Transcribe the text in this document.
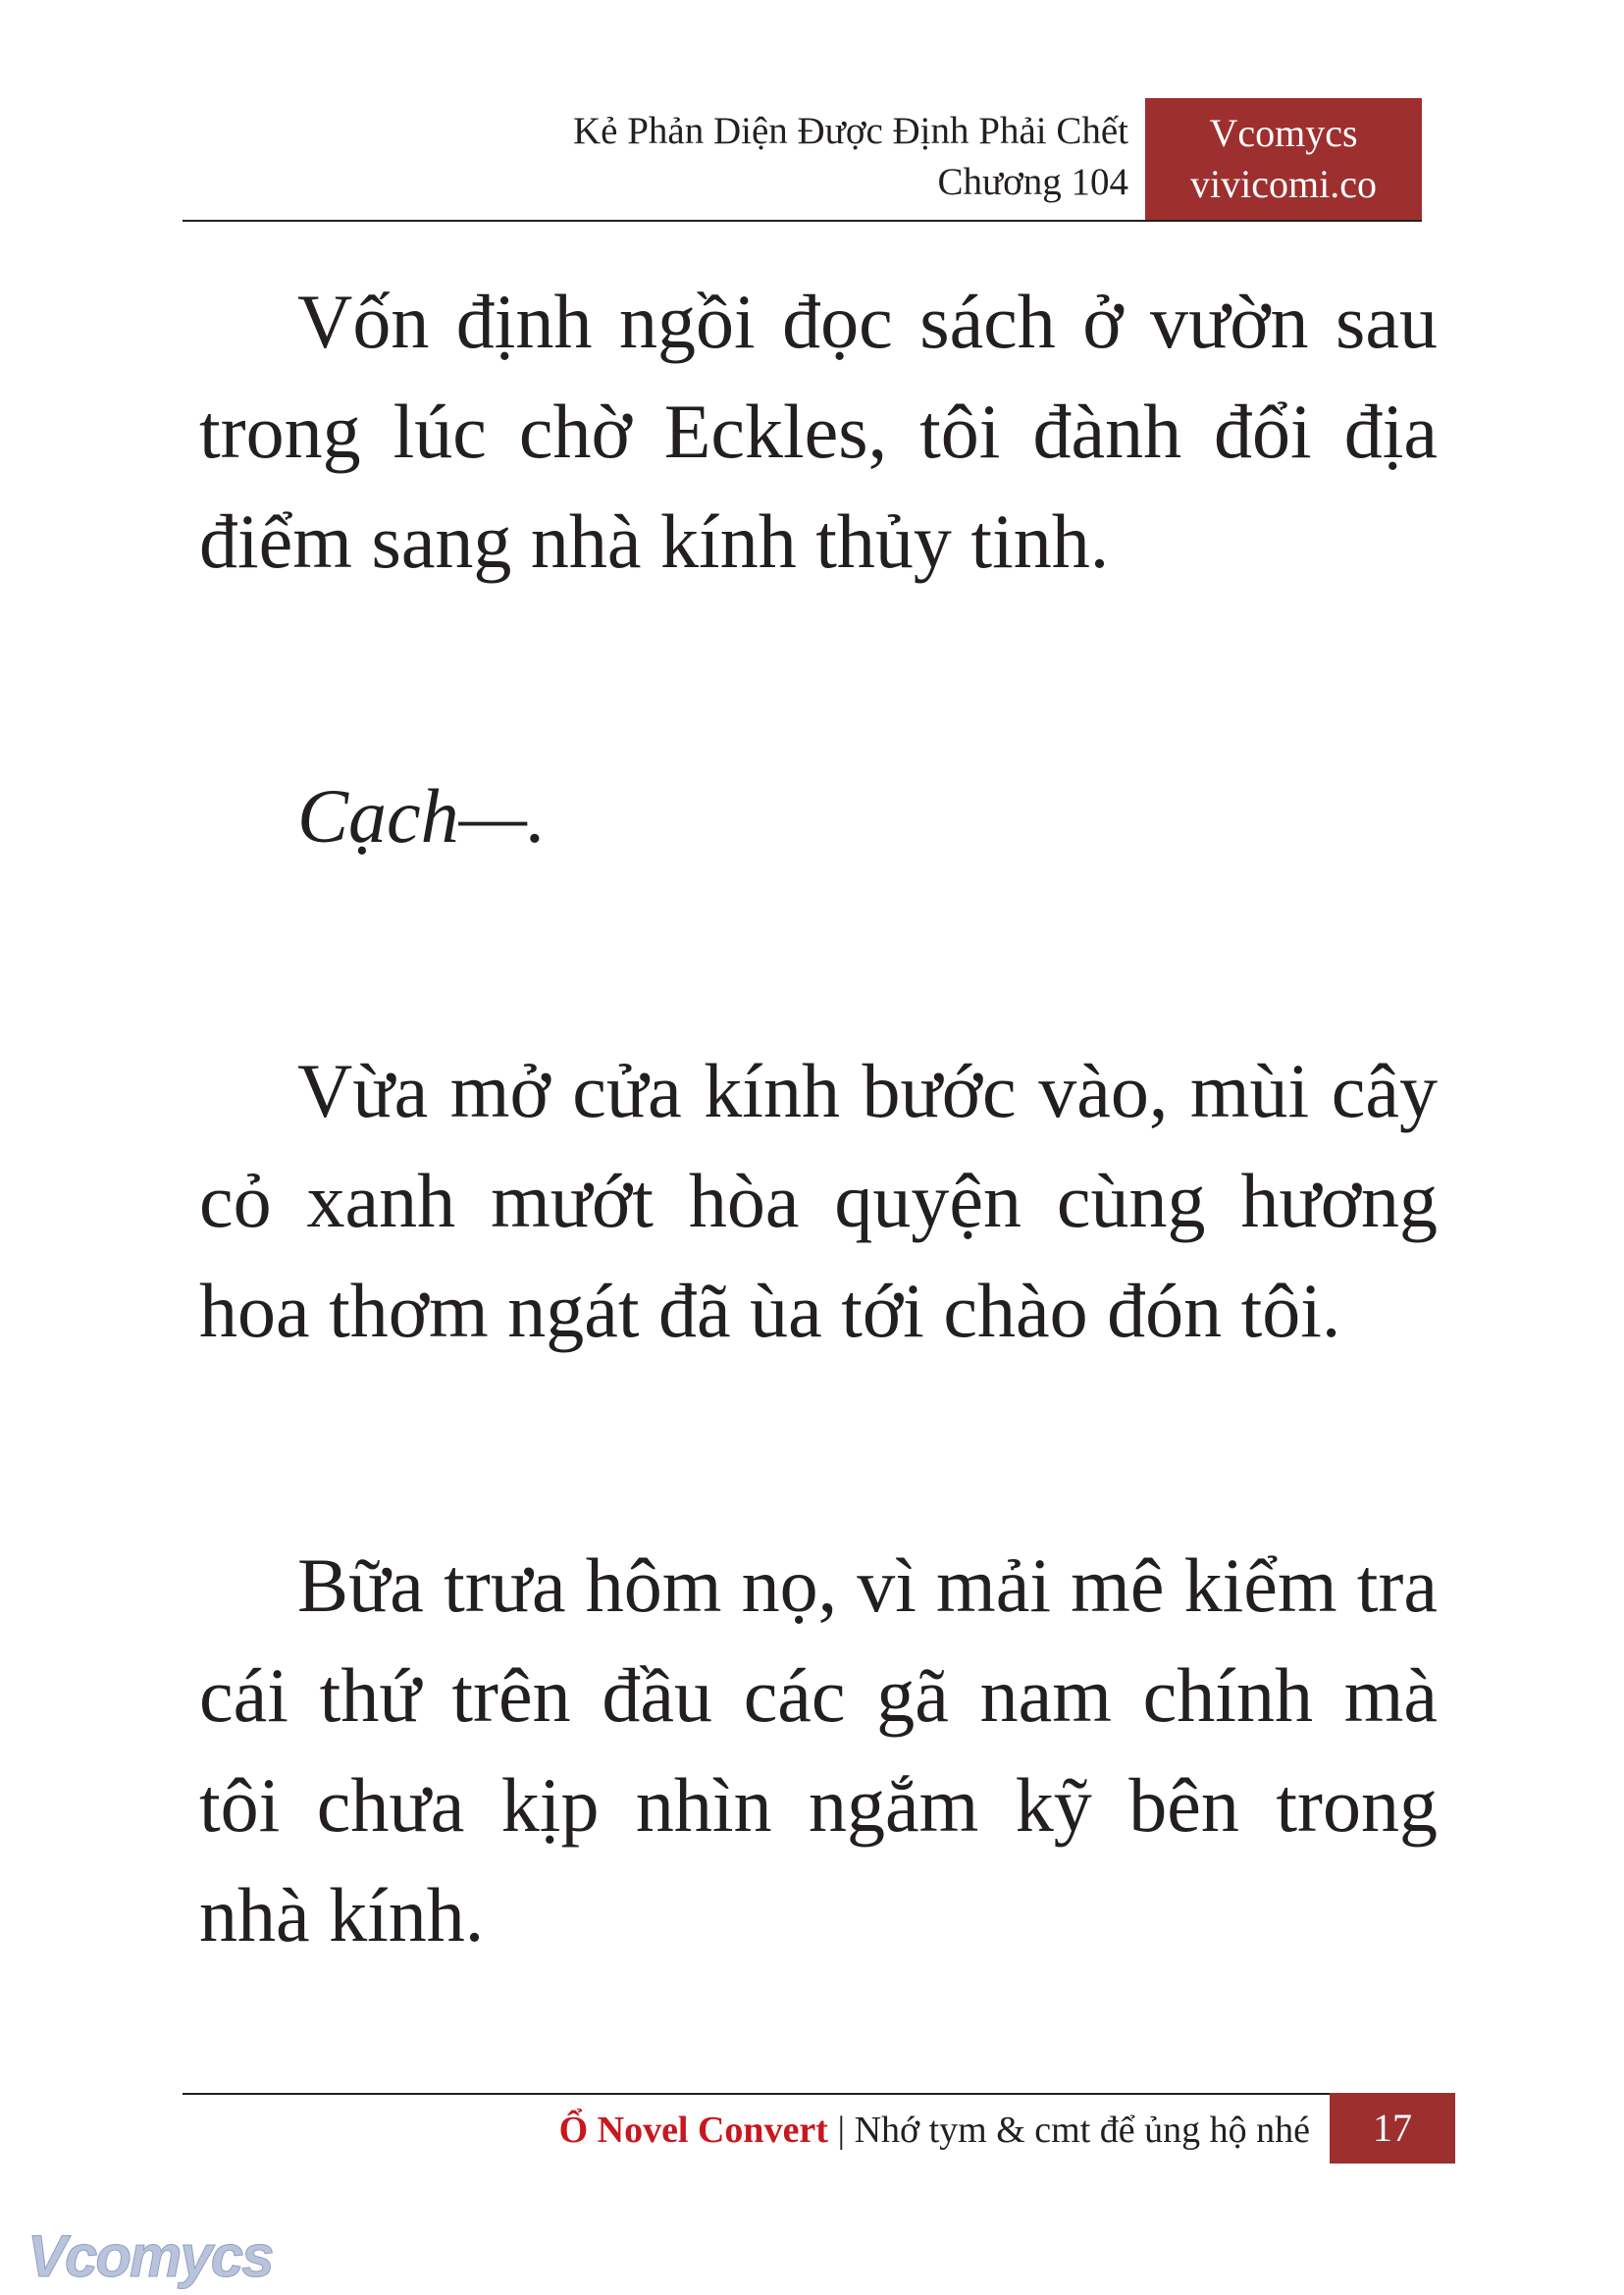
Kẻ Phản Diện Được Định Phải Chết
Chương 104
Vcomycs
vivicomi.co

Vốn định ngồi đọc sách ở vườn sau trong lúc chờ Eckles, tôi đành đổi địa điểm sang nhà kính thủy tinh.

Cạch—.

Vừa mở cửa kính bước vào, mùi cây cỏ xanh mướt hòa quyện cùng hương hoa thơm ngát đã ùa tới chào đón tôi.

Bữa trưa hôm nọ, vì mải mê kiểm tra cái thứ trên đầu các gã nam chính mà tôi chưa kịp nhìn ngắm kỹ bên trong nhà kính.

Ổ Novel Convert | Nhớ tym & cmt để ủng hộ nhé	17
Vcomycs
